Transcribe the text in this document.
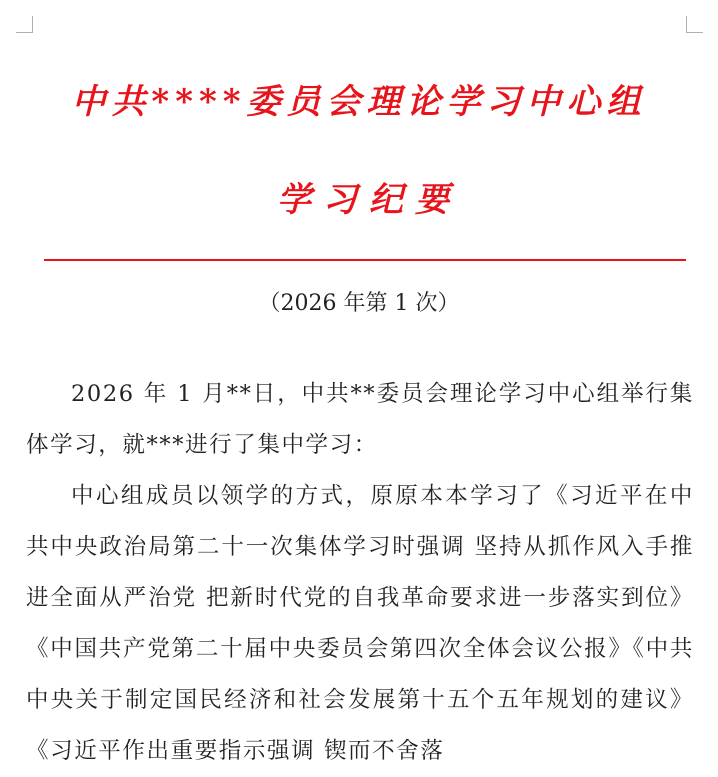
中共****委员会理论学习中心组
学习纪要
（2026 年第 1 次）

2026 年 1 月**日，中共**委员会理论学习中心组举行集体学习，就***进行了集中学习：

中心组成员以领学的方式，原原本本学习了《习近平在中共中央政治局第二十一次集体学习时强调 坚持从抓作风入手推进全面从严治党 把新时代党的自我革命要求进一步落实到位》《中国共产党第二十届中央委员会第四次全体会议公报》《中共中央关于制定国民经济和社会发展第十五个五年规划的建议》《习近平作出重要指示强调 锲而不舍落
